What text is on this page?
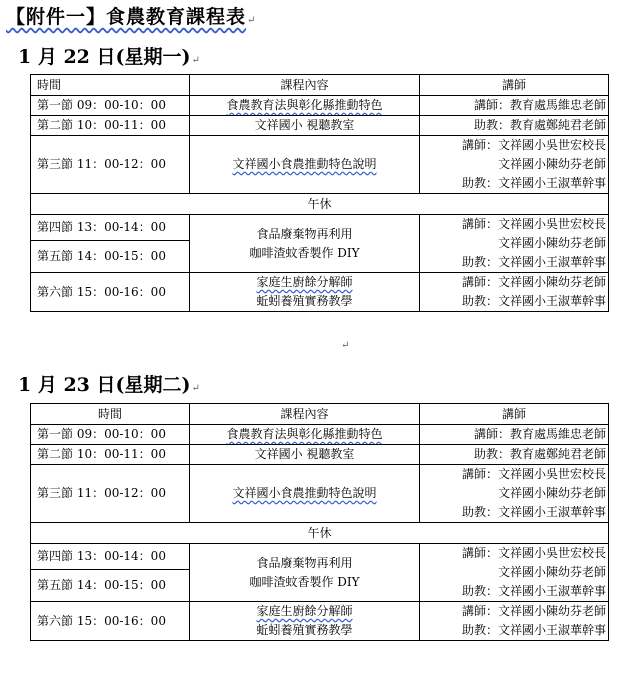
【附件一】食農教育課程表↵
1 月 22 日(星期一)↵
時間	課程內容	講師
第一節 09：00-10：00	食農教育法與彰化縣推動特色	講師：教育處馬維忠老師
第二節 10：00-11：00	文祥國小 視聽教室	助教：教育處鄭純君老師
第三節 11：00-12：00	文祥國小食農推動特色說明	講師：文祥國小吳世宏校長
文祥國小陳幼芬老師
助教：文祥國小王淑華幹事

午休		
第四節 13：00-14：00	食品廢棄物再利用
咖啡渣蚊香製作 DIY	講師：文祥國小吳世宏校長
文祥國小陳幼芬老師
助教：文祥國小王淑華幹事

第五節 14：00-15：00		
第六節 15：00-16：00	家庭生廚餘分解師
蚯蚓養殖實務教學	講師：文祥國小陳幼芬老師
助教：文祥國小王淑華幹事
↵
1 月 23 日(星期二)↵
時間	課程內容	講師
第一節 09：00-10：00	食農教育法與彰化縣推動特色	講師：教育處馬維忠老師
第二節 10：00-11：00	文祥國小 視聽教室	助教：教育處鄭純君老師
第三節 11：00-12：00	文祥國小食農推動特色說明	講師：文祥國小吳世宏校長
文祥國小陳幼芬老師
助教：文祥國小王淑華幹事

午休		
第四節 13：00-14：00	食品廢棄物再利用
咖啡渣蚊香製作 DIY	講師：文祥國小吳世宏校長
文祥國小陳幼芬老師
助教：文祥國小王淑華幹事

第五節 14：00-15：00		
第六節 15：00-16：00	家庭生廚餘分解師
蚯蚓養殖實務教學	講師：文祥國小陳幼芬老師
助教：文祥國小王淑華幹事
